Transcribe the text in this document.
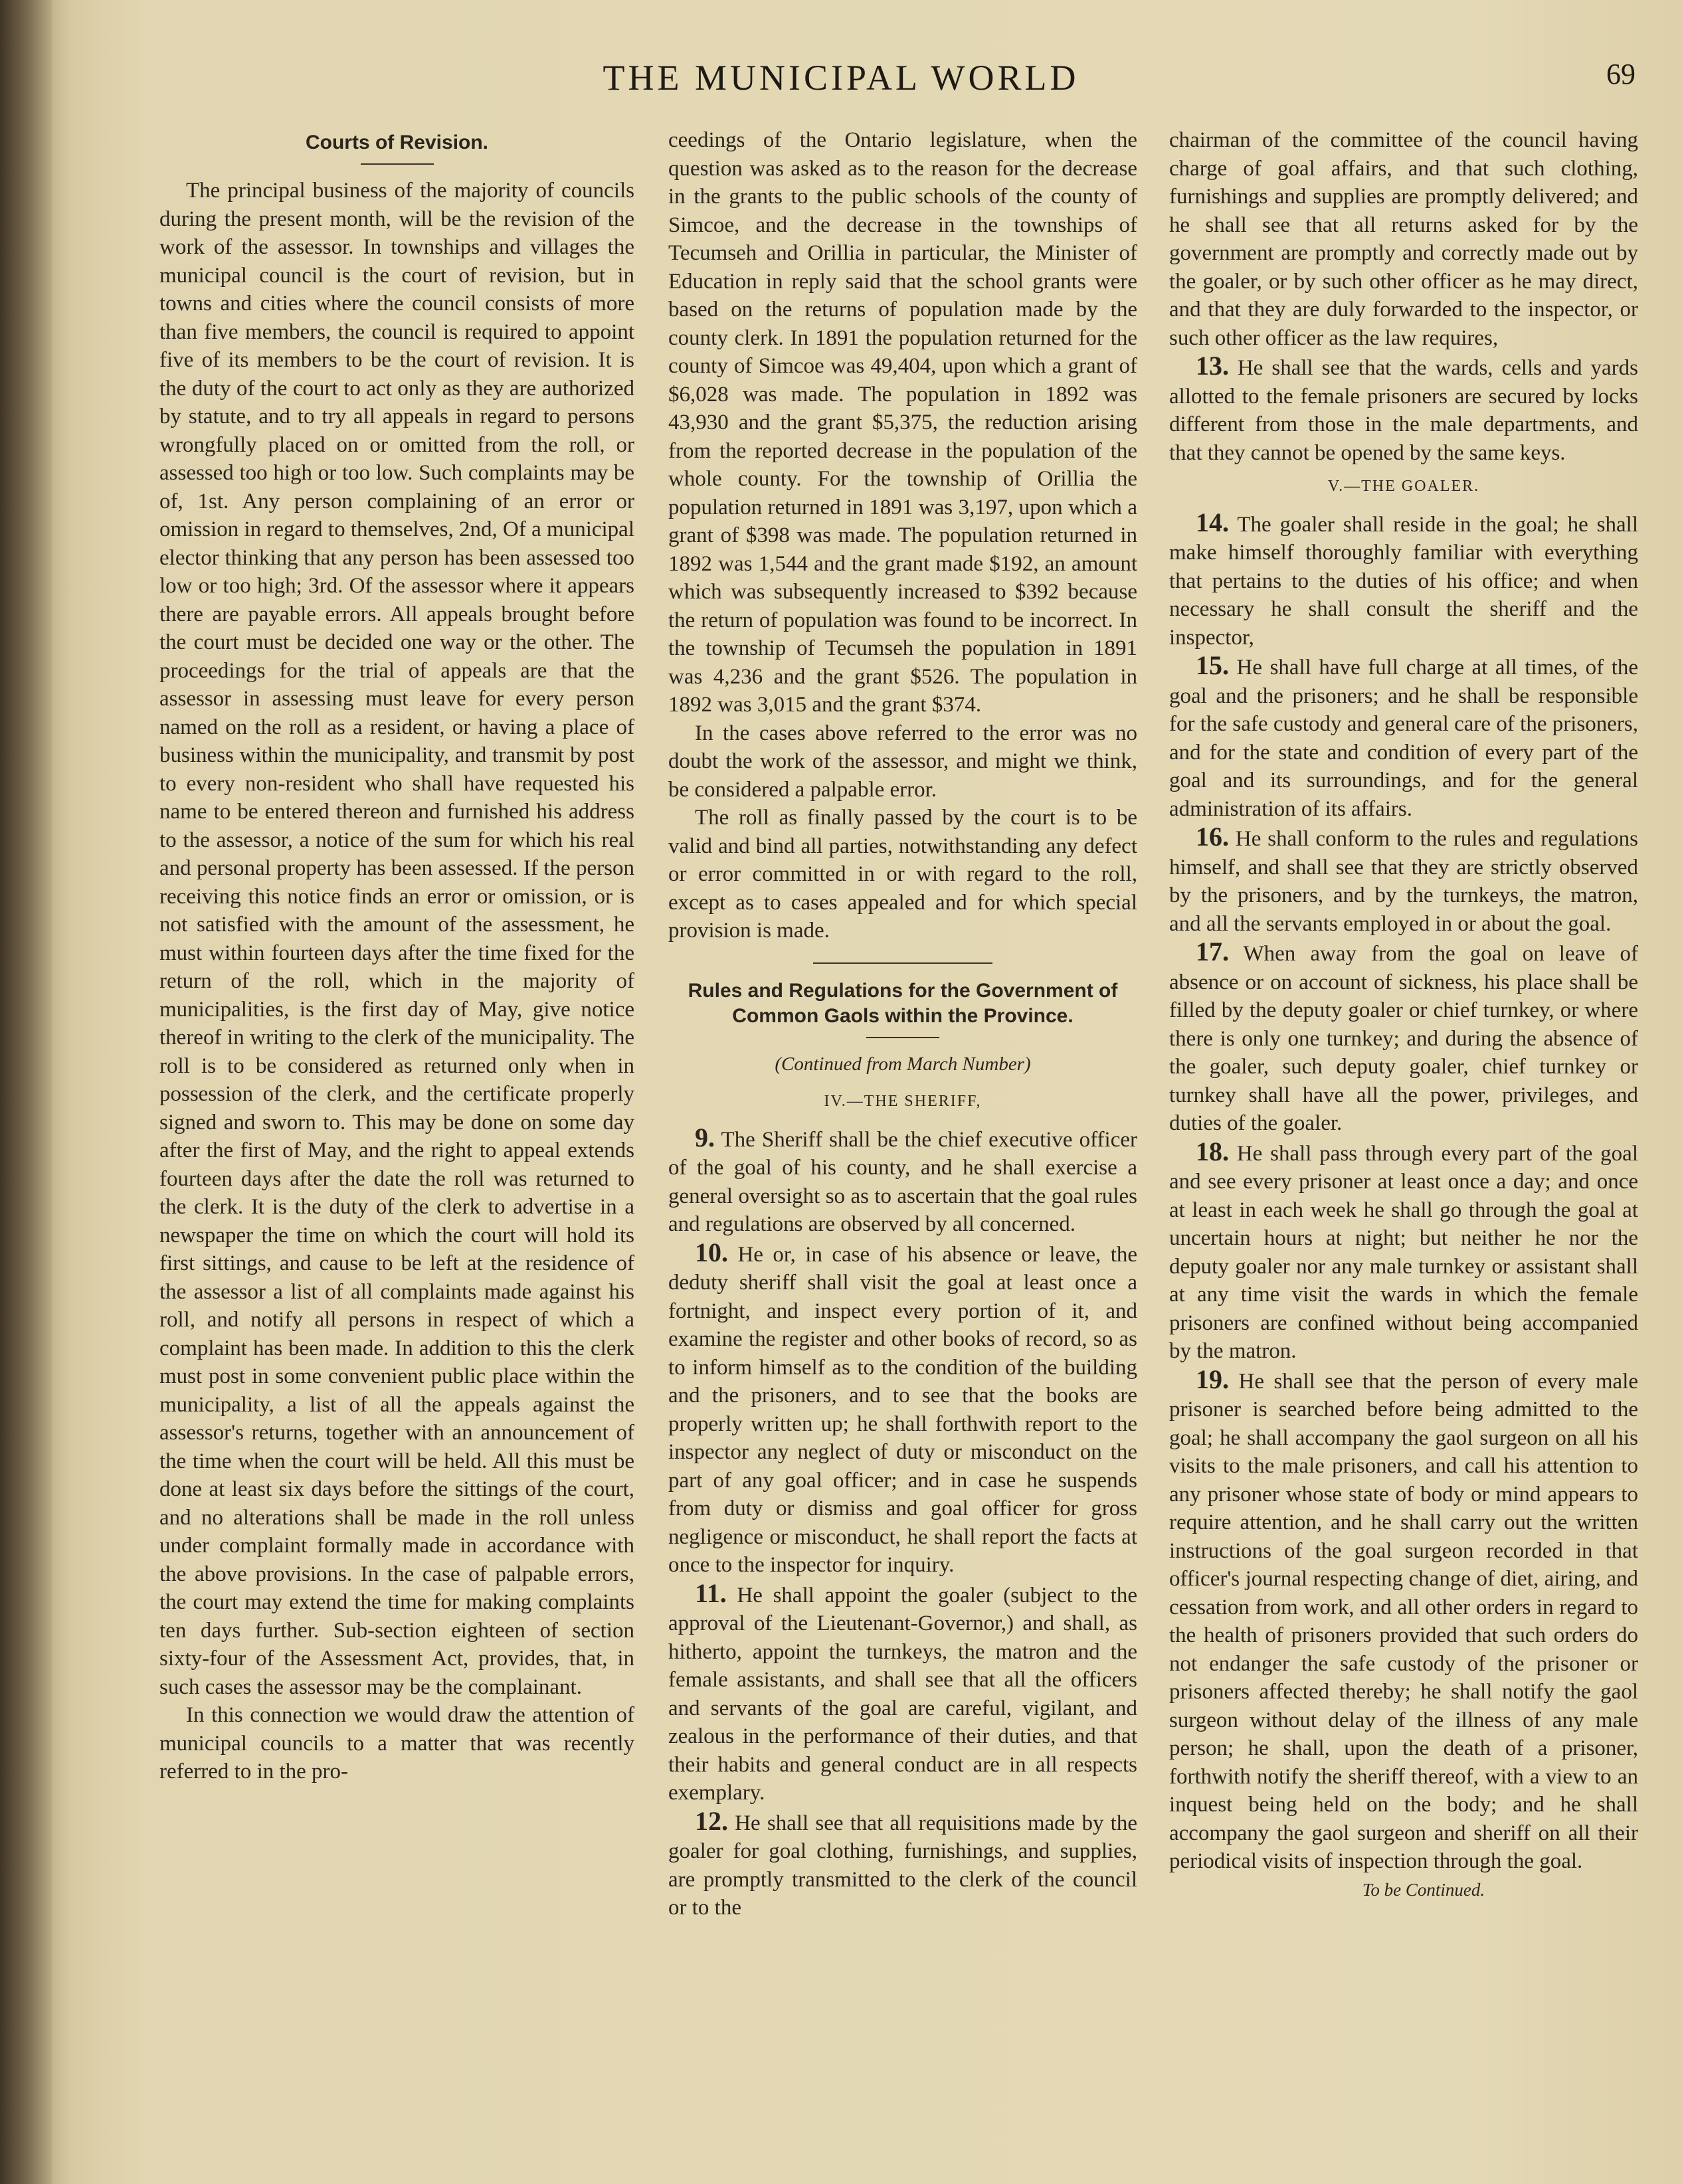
THE MUNICIPAL WORLD	69
Courts of Revision.

The principal business of the majority of councils during the present month, will be the revision of the work of the assessor. In townships and villages the municipal council is the court of revision, but in towns and cities where the council consists of more than five members, the council is required to appoint five of its members to be the court of revision. It is the duty of the court to act only as they are authorized by statute, and to try all appeals in regard to persons wrongfully placed on or omitted from the roll, or assessed too high or too low. Such complaints may be of, 1st. Any person complaining of an error or omission in regard to themselves, 2nd, Of a municipal elector thinking that any person has been assessed too low or too high; 3rd. Of the assessor where it appears there are payable errors. All appeals brought before the court must be decided one way or the other. The proceedings for the trial of appeals are that the assessor in assessing must leave for every person named on the roll as a resident, or having a place of business within the municipality, and transmit by post to every non-resident who shall have requested his name to be entered thereon and furnished his address to the assessor, a notice of the sum for which his real and personal property has been assessed. If the person receiving this notice finds an error or omission, or is not satisfied with the amount of the assessment, he must within fourteen days after the time fixed for the return of the roll, which in the majority of municipalities, is the first day of May, give notice thereof in writing to the clerk of the municipality. The roll is to be considered as returned only when in possession of the clerk, and the certificate properly signed and sworn to. This may be done on some day after the first of May, and the right to appeal extends fourteen days after the date the roll was returned to the clerk. It is the duty of the clerk to advertise in a newspaper the time on which the court will hold its first sittings, and cause to be left at the residence of the assessor a list of all complaints made against his roll, and notify all persons in respect of which a complaint has been made. In addition to this the clerk must post in some convenient public place within the municipality, a list of all the appeals against the assessor's returns, together with an announcement of the time when the court will be held. All this must be done at least six days before the sittings of the court, and no alterations shall be made in the roll unless under complaint formally made in accordance with the above provisions. In the case of palpable errors, the court may extend the time for making complaints ten days further. Sub-section eighteen of section sixty-four of the Assessment Act, provides, that, in such cases the assessor may be the complainant.

In this connection we would draw the attention of municipal councils to a matter that was recently referred to in the pro-

ceedings of the Ontario legislature, when the question was asked as to the reason for the decrease in the grants to the public schools of the county of Simcoe, and the decrease in the townships of Tecumseh and Orillia in particular, the Minister of Education in reply said that the school grants were based on the returns of population made by the county clerk. In 1891 the population returned for the county of Simcoe was 49,404, upon which a grant of $6,028 was made. The population in 1892 was 43,930 and the grant $5,375, the reduction arising from the reported decrease in the population of the whole county. For the township of Orillia the population returned in 1891 was 3,197, upon which a grant of $398 was made. The population returned in 1892 was 1,544 and the grant made $192, an amount which was subsequently increased to $392 because the return of population was found to be incorrect. In the township of Tecumseh the population in 1891 was 4,236 and the grant $526. The population in 1892 was 3,015 and the grant $374.

In the cases above referred to the error was no doubt the work of the assessor, and might we think, be considered a palpable error.

The roll as finally passed by the court is to be valid and bind all parties, notwithstanding any defect or error committed in or with regard to the roll, except as to cases appealed and for which special provision is made.

Rules and Regulations for the Government of Common Gaols within the Province.
(Continued from March Number)
IV.—THE SHERIFF,

9. The Sheriff shall be the chief executive officer of the goal of his county, and he shall exercise a general oversight so as to ascertain that the goal rules and regulations are observed by all concerned.

10. He or, in case of his absence or leave, the deduty sheriff shall visit the goal at least once a fortnight, and inspect every portion of it, and examine the register and other books of record, so as to inform himself as to the condition of the building and the prisoners, and to see that the books are properly written up; he shall forthwith report to the inspector any neglect of duty or misconduct on the part of any goal officer; and in case he suspends from duty or dismiss and goal officer for gross negligence or misconduct, he shall report the facts at once to the inspector for inquiry.

11. He shall appoint the goaler (subject to the approval of the Lieutenant-Governor,) and shall, as hitherto, appoint the turnkeys, the matron and the female assistants, and shall see that all the officers and servants of the goal are careful, vigilant, and zealous in the performance of their duties, and that their habits and general conduct are in all respects exemplary.

12. He shall see that all requisitions made by the goaler for goal clothing, furnishings, and supplies, are promptly transmitted to the clerk of the council or to the

chairman of the committee of the council having charge of goal affairs, and that such clothing, furnishings and supplies are promptly delivered; and he shall see that all returns asked for by the government are promptly and correctly made out by the goaler, or by such other officer as he may direct, and that they are duly forwarded to the inspector, or such other officer as the law requires,

13. He shall see that the wards, cells and yards allotted to the female prisoners are secured by locks different from those in the male departments, and that they cannot be opened by the same keys.

V.—THE GOALER.

14. The goaler shall reside in the goal; he shall make himself thoroughly familiar with everything that pertains to the duties of his office; and when necessary he shall consult the sheriff and the inspector,

15. He shall have full charge at all times, of the goal and the prisoners; and he shall be responsible for the safe custody and general care of the prisoners, and for the state and condition of every part of the goal and its surroundings, and for the general administration of its affairs.

16. He shall conform to the rules and regulations himself, and shall see that they are strictly observed by the prisoners, and by the turnkeys, the matron, and all the servants employed in or about the goal.

17. When away from the goal on leave of absence or on account of sickness, his place shall be filled by the deputy goaler or chief turnkey, or where there is only one turnkey; and during the absence of the goaler, such deputy goaler, chief turnkey or turnkey shall have all the power, privileges, and duties of the goaler.

18. He shall pass through every part of the goal and see every prisoner at least once a day; and once at least in each week he shall go through the goal at uncertain hours at night; but neither he nor the deputy goaler nor any male turnkey or assistant shall at any time visit the wards in which the female prisoners are confined without being accompanied by the matron.

19. He shall see that the person of every male prisoner is searched before being admitted to the goal; he shall accompany the gaol surgeon on all his visits to the male prisoners, and call his attention to any prisoner whose state of body or mind appears to require attention, and he shall carry out the written instructions of the goal surgeon recorded in that officer's journal respecting change of diet, airing, and cessation from work, and all other orders in regard to the health of prisoners provided that such orders do not endanger the safe custody of the prisoner or prisoners affected thereby; he shall notify the gaol surgeon without delay of the illness of any male person; he shall, upon the death of a prisoner, forthwith notify the sheriff thereof, with a view to an inquest being held on the body; and he shall accompany the gaol surgeon and sheriff on all their periodical visits of inspection through the goal.

To be Continued.
